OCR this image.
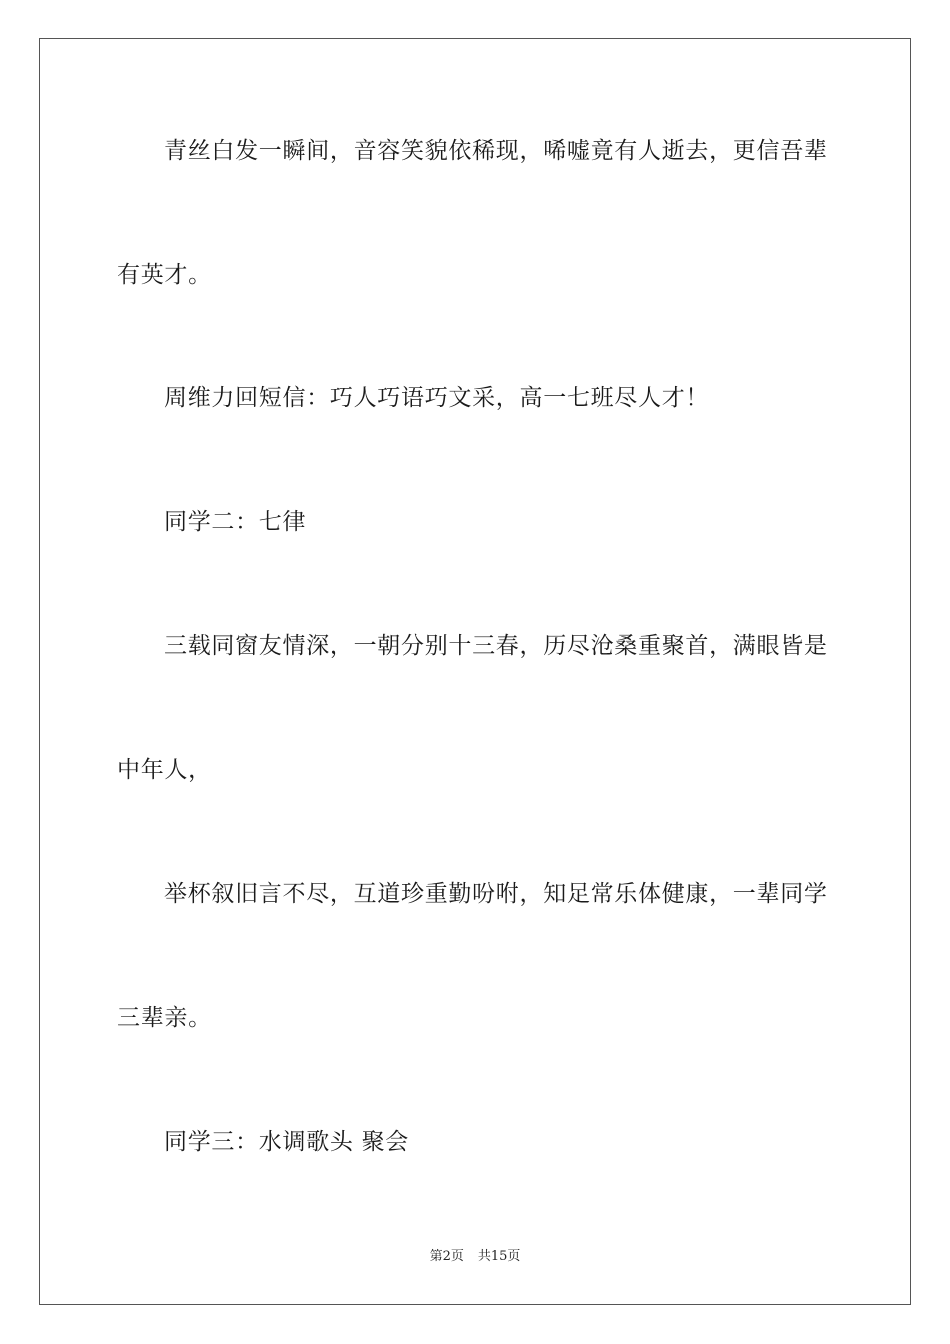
青丝白发一瞬间，音容笑貌依稀现，唏嘘竟有人逝去，更信吾辈
有英才。
周维力回短信：巧人巧语巧文采，高一七班尽人才！
同学二：七律
三载同窗友情深，一朝分别十三春，历尽沧桑重聚首，满眼皆是
中年人，
举杯叙旧言不尽，互道珍重勤吩咐，知足常乐体健康，一辈同学
三辈亲。
同学三：水调歌头 聚会
第2页 共15页
